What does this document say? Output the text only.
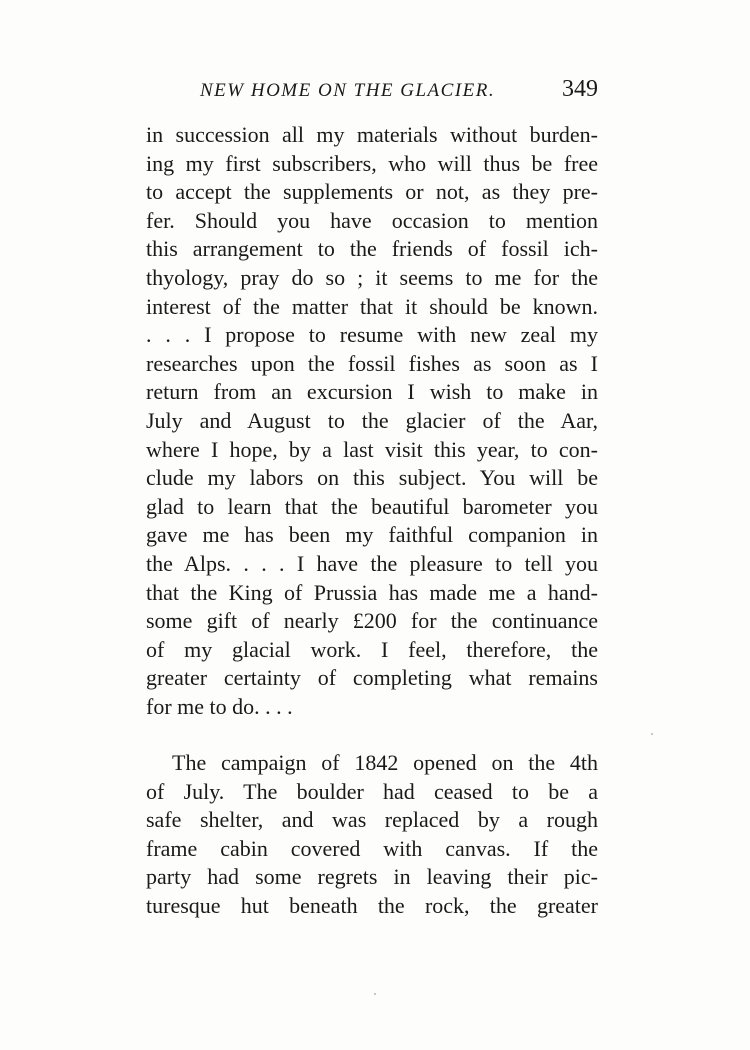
NEW HOME ON THE GLACIER.	349
in succession all my materials without burden-
ing my first subscribers, who will thus be free
to accept the supplements or not, as they pre-
fer. Should you have occasion to mention
this arrangement to the friends of fossil ich-
thyology, pray do so ; it seems to me for the
interest of the matter that it should be known.
. . . I propose to resume with new zeal my
researches upon the fossil fishes as soon as I
return from an excursion I wish to make in
July and August to the glacier of the Aar,
where I hope, by a last visit this year, to con-
clude my labors on this subject. You will be
glad to learn that the beautiful barometer you
gave me has been my faithful companion in
the Alps. . . . I have the pleasure to tell you
that the King of Prussia has made me a hand-
some gift of nearly £200 for the continuance
of my glacial work. I feel, therefore, the
greater certainty of completing what remains
for me to do. . . .
The campaign of 1842 opened on the 4th
of July. The boulder had ceased to be a
safe shelter, and was replaced by a rough
frame cabin covered with canvas. If the
party had some regrets in leaving their pic-
turesque hut beneath the rock, the greater
